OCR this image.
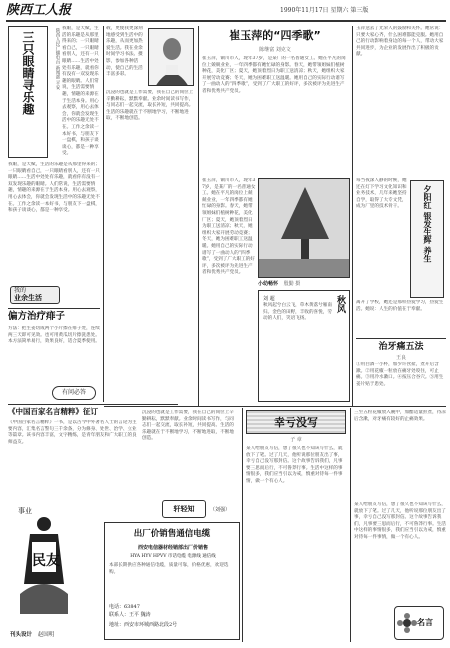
陕西工人报	1990年11月17日 星期六 第三版
三只眼睛寻乐趣	陕西人民广播电台 新闻部 平安 我眼，是天赋，生活的乐趣是从那里得来的；一只眼睛看自己，一只眼睛看别人，还有一只眼睛……生活中处处有乐趣，就看你有没有一双发现乐趣的眼睛。人们常说，生活需要情趣，情趣的来源在于生活本身。用心去观察，用心去体会，你就会发现生活中的乐趣无处不在。工作之余读一本好书，与朋友下一盘棋，和孩子谈谈心，都是一种享受。
我眼，是天赋，生活的乐趣是从那里得来的；一只眼睛看自己，一只眼睛看别人，还有一只眼睛……生活中处处有乐趣，就看你有没有一双发现乐趣的眼睛。人们常说，生活需要情趣，情趣的来源在于生活本身。用心去观察，用心去体会，你就会发现生活中的乐趣无处不在。工作之余读一本好书，与朋友下一盘棋，和孩子谈谈心，都是一种享受。
我的
业余生活
偏方治疗痱子
方法：把生姜切成两个小片擦在痱子处，连续两三天即可见效。也可用黄瓜切片擦洗患处。本方法简单易行，效果良好，适合夏季使用。
有问必答
《中国百家名言精粹》征订
《中国百家名言精粹》一书，是以古今中外著名人士的言论为主要内容，汇集名言警句三千余条，分为修身、处世、治学、立业等篇章。该书内容丰富，文字精练，是青年朋友和广大职工的良师益友。
事业
民友
刊头设计 赵国明
载，更使我更深刻地感受到生活中的乐趣，从而更加热爱生活。我在业余时间学习书法、摄影，参加各种活动，使自己的生活丰富多彩。
沉浸的也就是工作需要，我在自己的岗位上辛勤耕耘，默默奉献。业余时间读书写作，与同志们一起交流，取长补短，共同提高。生活的乐趣就在于不断地学习，不断地进取，不断地创造。
崔玉萍的“四季歌”
陈继富 刘克文
崔玉萍，铜川市人，现年37岁，是某厂的一名普通女工。她在平凡的岗位上兢兢业业，一年四季都有她忙碌的身影。春天，她带领姐妹们植树种花，美化厂区；夏天，她顶着烈日为职工送清凉；秋天，她组织大家开展劳动竞赛；冬天，她为困难职工送温暖。她用自己的实际行动谱写了一曲动人的“四季歌”，受到了广大职工的好评，多次被评为先进生产者和优秀共产党员。
小幼畅怀 殷勤 摄
崔玉萍，铜川市人，现年37岁，是某厂的一名普通女工。她在平凡的岗位上兢兢业业，一年四季都有她忙碌的身影。春天，她带领姐妹们植树种花，美化厂区；夏天，她顶着烈日为职工送清凉；秋天，她组织大家开展劳动竞赛；冬天，她为困难职工送温暖。她用自己的实际行动谱写了一曲动人的“四季歌”，受到了广大职工的好评，多次被评为先进生产者和优秀共产党员。
秋风
刘 超
秋风起兮白云飞，草木黄落兮雁南归。金色的田野，丰收的喜悦，劳动的人们，笑语飞扬。
玉萍送去了光荣人的鼓励和关怀。她常说：只要大家心齐，什么困难都能克服。她用自己的行动影响着身边的每一个人，带动大家共同进步，为企业的发展作出了积极的贡献。
每当夜深人静的时候，她还在灯下学习文化知识和业务技术，几年来她坚持自学，取得了大专文凭，成为厂里的技术骨干。	夕阳红 银发生辉 养生
离开了学校，她还是那样热爱学习，热爱生活。她说：人生的价值在于奉献。
治牙痛五法
王良
①用白酒一小杯，加少许食盐，煮开后含漱。②用花椒一粒放在痛牙处咬住，可止痛。③用冷水漱口。④按压合谷穴。⑤用生姜片贴于患处。
沉浸的也就是工作需要，我在自己的岗位上辛勤耕耘，默默奉献。业余时间读书写作，与同志们一起交流，取长补短，共同提高。生活的乐趣就在于不断地学习，不断地进取，不断地创造。
轩轻知	（刘强）
出厂价销售通信电缆
西安电信器材经销部出厂价销售
HYA HYV HPVV 市话电缆 电源线 通信线
本部长期供应各种通信电缆，质量可靠，价格优惠，欢迎选购。
电话：63847
联系人：王平 魏涛
地址：西安市环城西路北段2号
幸亏没写
子 章
某人给朋友写信，想了很久也不知该写什么，就放下了笔。过了几天，他听说那位朋友出了事，幸亏自己没写那封信。这个故事告诉我们，凡事要三思而后行，不可鲁莽行事。生活中这样的事情很多，我们应当引以为戒，慎重对待每一件事情，做一个有心人。
三至五粒花椒放入碗中，加醋适量煎煮，待凉后含漱，对牙痛有较好的止痛效果。
某人给朋友写信，想了很久也不知该写什么，就放下了笔。过了几天，他听说那位朋友出了事，幸亏自己没写那封信。这个故事告诉我们，凡事要三思而后行，不可鲁莽行事。生活中这样的事情很多，我们应当引以为戒，慎重对待每一件事情，做一个有心人。
名言
